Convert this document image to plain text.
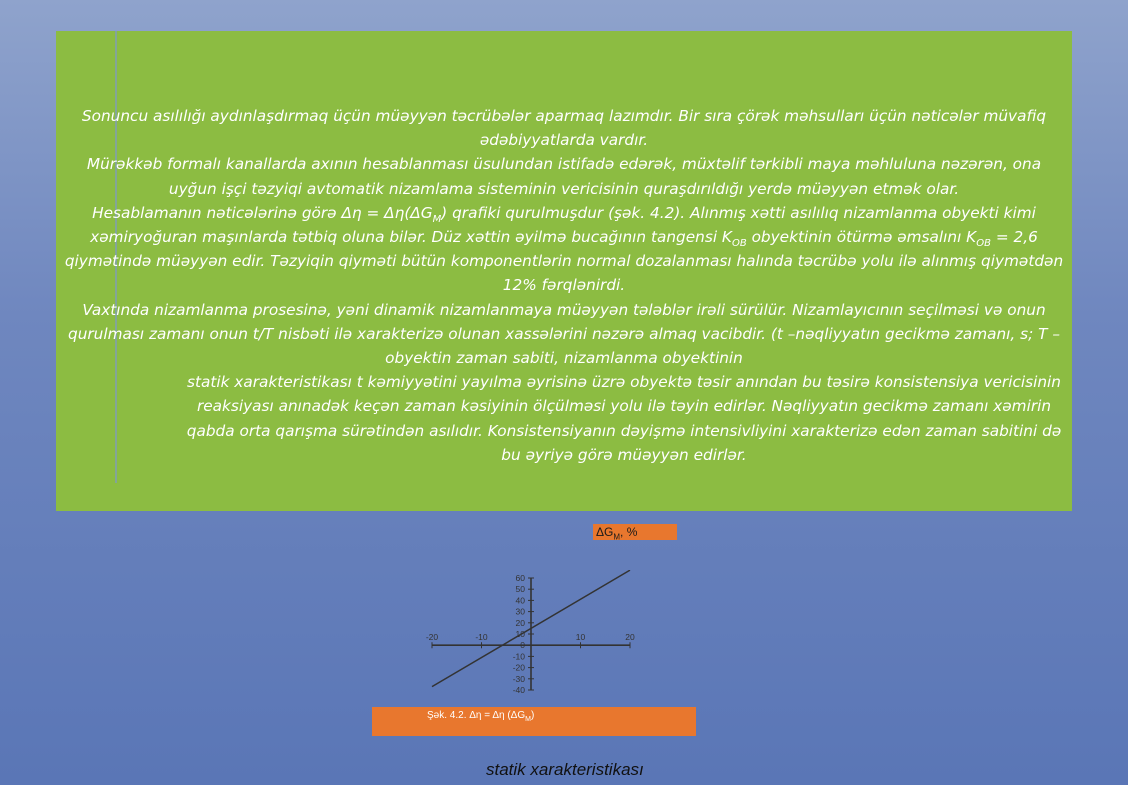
Sonuncu asılılığı aydınlaşdırmaq üçün müəyyən təcrübələr aparmaq lazımdır. Bir sıra çörək məhsulları üçün nəticələr müvafiq ədəbiyyatlarda vardır.

Mürəkkəb formalı kanallarda axının hesablanması üsulundan istifadə edərək, müxtəlif tərkibli maya məhluluna nəzərən, ona uyğun işçi təzyiqi avtomatik nizamlama sisteminin vericisinin quraşdırıldığı yerdə müəyyən etmək olar.

Hesablamanın nəticələrinə görə $\Delta\eta = \Delta\eta(\Delta G_M)$ qrafiki qurulmuşdur (şək. 4.2). Alınmış xətti asılılıq nizamlanma obyekti kimi xəmiryoğuran maşınlarda tətbiq oluna bilər. Düz xəttin əyilmə bucağının tangensi $K_{OB}$ obyektinin ötürmə əmsalını $K_{OB} = 2,6$ qiymətində müəyyən edir. Təzyiqin qiyməti bütün komponentlərin normal dozalanması halında təcrübə yolu ilə alınmış qiymətdən 12% fərqlənirdi.

Vaxtında nizamlanma prosesinə, yəni dinamik nizamlanmaya müəyyən tələblər irəli sürülür. Nizamlayıcının seçilməsi və onun qurulması zamanı onun t/T nisbəti ilə xarakterizə olunan xassələrini nəzərə almaq vacibdir. (t –nəqliyyatın gecikmə zamanı, s; T – obyektin zaman sabiti, nizamlanma obyektinin

statik xarakteristikası t kəmiyyətini yayılma əyrisinə üzrə obyektə təsir anından bu təsirə konsistensiya vericisinin reaksiyası anınadək keçən zaman kəsiyinin ölçülməsi yolu ilə təyin edirlər. Nəqliyyatın gecikmə zamanı xəmirin qabda orta qarışma sürətindən asılıdır. Konsistensiyanın dəyişmə intensivliyini xarakterizə edən zaman sabitini də bu əyriyə görə müəyyən edirlər.

$\Delta G_M$, %
60
50
40
30
20
10
0
-10
-20
-30
-40
-20	-10	10	20
Şək. 4.2. Δη = Δη $(\Delta G_M)$
statik xarakteristikası
